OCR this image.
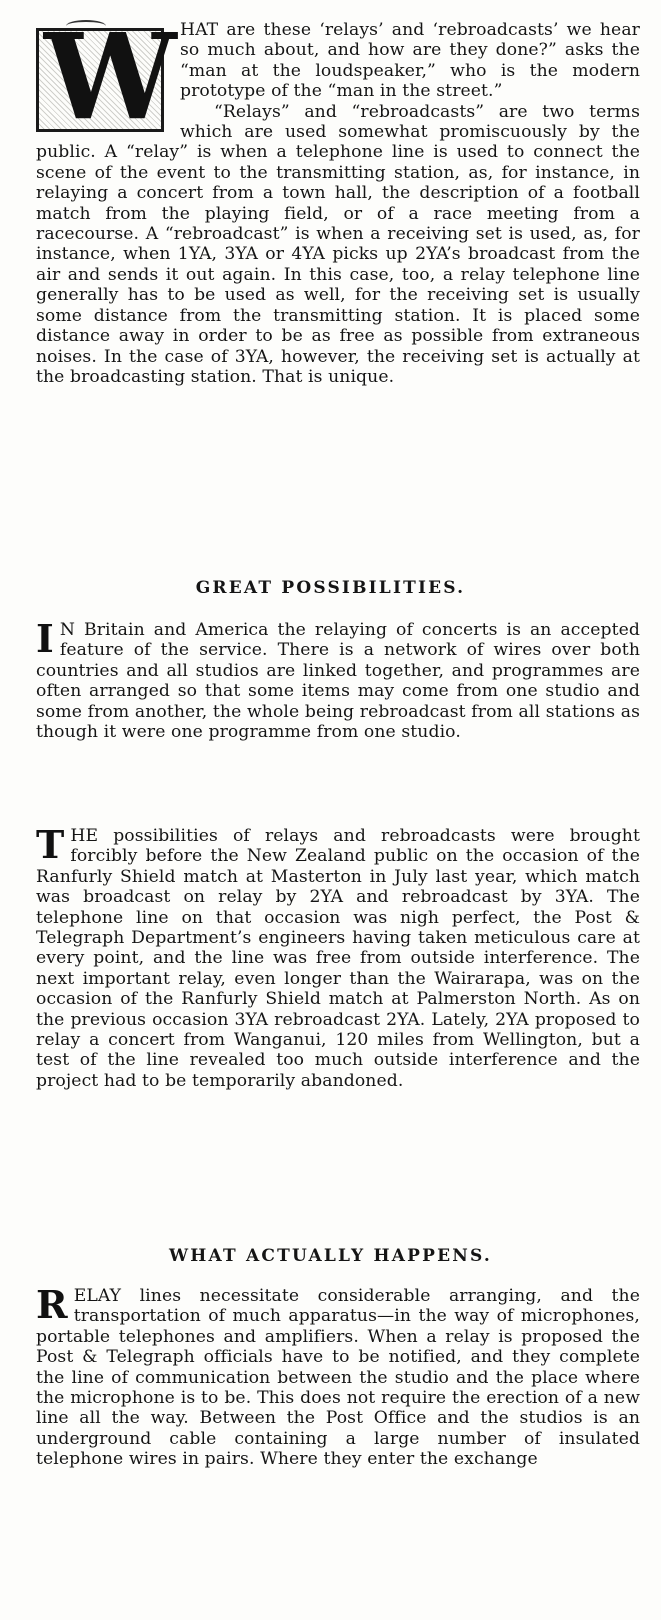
W HAT are these ‘relays’ and ‘rebroadcasts’ we hear so much about, and how are they done?” asks the “man at the loudspeaker,” who is the modern prototype of the “man in the street.”

“Relays” and “rebroadcasts” are two terms which are used somewhat promiscuously by the public. A “relay” is when a telephone line is used to connect the scene of the event to the transmitting station, as, for instance, in relaying a concert from a town hall, the description of a football match from the playing field, or of a race meeting from a racecourse. A “rebroadcast” is when a receiving set is used, as, for instance, when 1YA, 3YA or 4YA picks up 2YA’s broadcast from the air and sends it out again. In this case, too, a relay telephone line generally has to be used as well, for the receiving set is usually some distance from the transmitting station. It is placed some distance away in order to be as free as possible from extraneous noises. In the case of 3YA, however, the receiving set is actually at the broadcasting station. That is unique.

GREAT POSSIBILITIES.
I N Britain and America the relaying of concerts is an accepted feature of the service. There is a network of wires over both countries and all studios are linked together, and programmes are often arranged so that some items may come from one studio and some from another, the whole being rebroadcast from all stations as though it were one programme from one studio.

T HE possibilities of relays and rebroadcasts were brought forcibly before the New Zealand public on the occasion of the Ranfurly Shield match at Masterton in July last year, which match was broadcast on relay by 2YA and rebroadcast by 3YA. The telephone line on that occasion was nigh perfect, the Post & Telegraph Department’s engineers having taken meticulous care at every point, and the line was free from outside interference. The next important relay, even longer than the Wairarapa, was on the occasion of the Ranfurly Shield match at Palmerston North. As on the previous occasion 3YA rebroadcast 2YA. Lately, 2YA proposed to relay a concert from Wanganui, 120 miles from Wellington, but a test of the line revealed too much outside interference and the project had to be temporarily abandoned.

WHAT ACTUALLY HAPPENS.
R ELAY lines necessitate considerable arranging, and the transportation of much apparatus—in the way of microphones, portable telephones and amplifiers. When a relay is proposed the Post & Telegraph officials have to be notified, and they complete the line of communication between the studio and the place where the microphone is to be. This does not require the erection of a new line all the way. Between the Post Office and the studios is an underground cable containing a large number of insulated telephone wires in pairs. Where they enter the exchange
